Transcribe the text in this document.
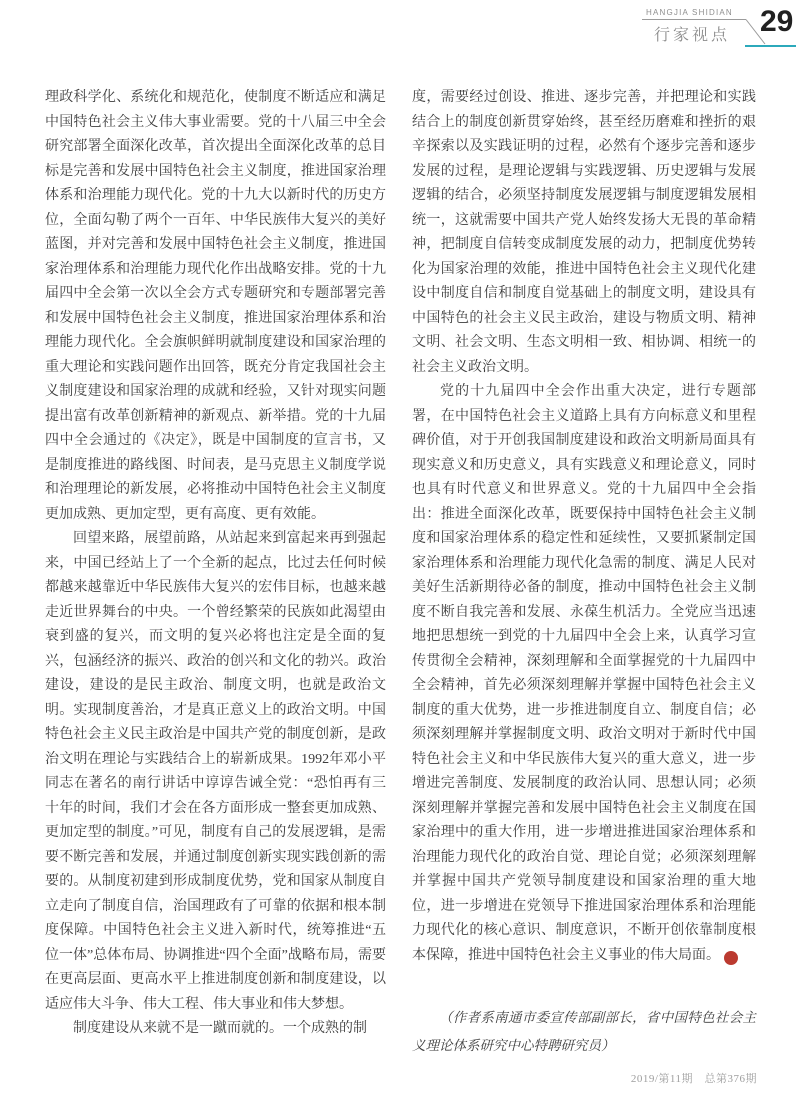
HANGJIA SHIDIAN
行家视点 29

理政科学化、系统化和规范化，使制度不断适应和满足中国特色社会主义伟大事业需要。党的十八届三中全会研究部署全面深化改革，首次提出全面深化改革的总目标是完善和发展中国特色社会主义制度，推进国家治理体系和治理能力现代化。党的十九大以新时代的历史方位，全面勾勒了两个一百年、中华民族伟大复兴的美好蓝图，并对完善和发展中国特色社会主义制度，推进国家治理体系和治理能力现代化作出战略安排。党的十九届四中全会第一次以全会方式专题研究和专题部署完善和发展中国特色社会主义制度，推进国家治理体系和治理能力现代化。全会旗帜鲜明就制度建设和国家治理的重大理论和实践问题作出回答，既充分肯定我国社会主义制度建设和国家治理的成就和经验，又针对现实问题提出富有改革创新精神的新观点、新举措。党的十九届四中全会通过的《决定》，既是中国制度的宣言书，又是制度推进的路线图、时间表，是马克思主义制度学说和治理理论的新发展，必将推动中国特色社会主义制度更加成熟、更加定型，更有高度、更有效能。

回望来路，展望前路，从站起来到富起来再到强起来，中国已经站上了一个全新的起点，比过去任何时候都越来越靠近中华民族伟大复兴的宏伟目标，也越来越走近世界舞台的中央。一个曾经繁荣的民族如此渴望由衰到盛的复兴，而文明的复兴必将也注定是全面的复兴，包涵经济的振兴、政治的创兴和文化的勃兴。政治建设，建设的是民主政治、制度文明，也就是政治文明。实现制度善治，才是真正意义上的政治文明。中国特色社会主义民主政治是中国共产党的制度创新，是政治文明在理论与实践结合上的崭新成果。1992年邓小平同志在著名的南行讲话中谆谆告诫全党：“恐怕再有三十年的时间，我们才会在各方面形成一整套更加成熟、更加定型的制度。”可见，制度有自己的发展逻辑，是需要不断完善和发展，并通过制度创新实现实践创新的需要的。从制度初建到形成制度优势，党和国家从制度自立走向了制度自信，治国理政有了可靠的依据和根本制度保障。中国特色社会主义进入新时代，统筹推进“五位一体”总体布局、协调推进“四个全面”战略布局，需要在更高层面、更高水平上推进制度创新和制度建设，以适应伟大斗争、伟大工程、伟大事业和伟大梦想。

制度建设从来就不是一蹴而就的。一个成熟的制

度，需要经过创设、推进、逐步完善，并把理论和实践结合上的制度创新贯穿始终，甚至经历磨难和挫折的艰辛探索以及实践证明的过程，必然有个逐步完善和逐步发展的过程，是理论逻辑与实践逻辑、历史逻辑与发展逻辑的结合，必须坚持制度发展逻辑与制度逻辑发展相统一，这就需要中国共产党人始终发扬大无畏的革命精神，把制度自信转变成制度发展的动力，把制度优势转化为国家治理的效能，推进中国特色社会主义现代化建设中制度自信和制度自觉基础上的制度文明，建设具有中国特色的社会主义民主政治，建设与物质文明、精神文明、社会文明、生态文明相一致、相协调、相统一的社会主义政治文明。

党的十九届四中全会作出重大决定，进行专题部署，在中国特色社会主义道路上具有方向标意义和里程碑价值，对于开创我国制度建设和政治文明新局面具有现实意义和历史意义，具有实践意义和理论意义，同时也具有时代意义和世界意义。党的十九届四中全会指出：推进全面深化改革，既要保持中国特色社会主义制度和国家治理体系的稳定性和延续性，又要抓紧制定国家治理体系和治理能力现代化急需的制度、满足人民对美好生活新期待必备的制度，推动中国特色社会主义制度不断自我完善和发展、永葆生机活力。全党应当迅速地把思想统一到党的十九届四中全会上来，认真学习宣传贯彻全会精神，深刻理解和全面掌握党的十九届四中全会精神，首先必须深刻理解并掌握中国特色社会主义制度的重大优势，进一步推进制度自立、制度自信；必须深刻理解并掌握制度文明、政治文明对于新时代中国特色社会主义和中华民族伟大复兴的重大意义，进一步增进完善制度、发展制度的政治认同、思想认同；必须深刻理解并掌握完善和发展中国特色社会主义制度在国家治理中的重大作用，进一步增进推进国家治理体系和治理能力现代化的政治自觉、理论自觉；必须深刻理解并掌握中国共产党领导制度建设和国家治理的重大地位，进一步增进在党领导下推进国家治理体系和治理能力现代化的核心意识、制度意识，不断开创依靠制度根本保障，推进中国特色社会主义事业的伟大局面。	❋

（作者系南通市委宣传部副部长，省中国特色社会主义理论体系研究中心特聘研究员）

2019/第11期　总第376期
